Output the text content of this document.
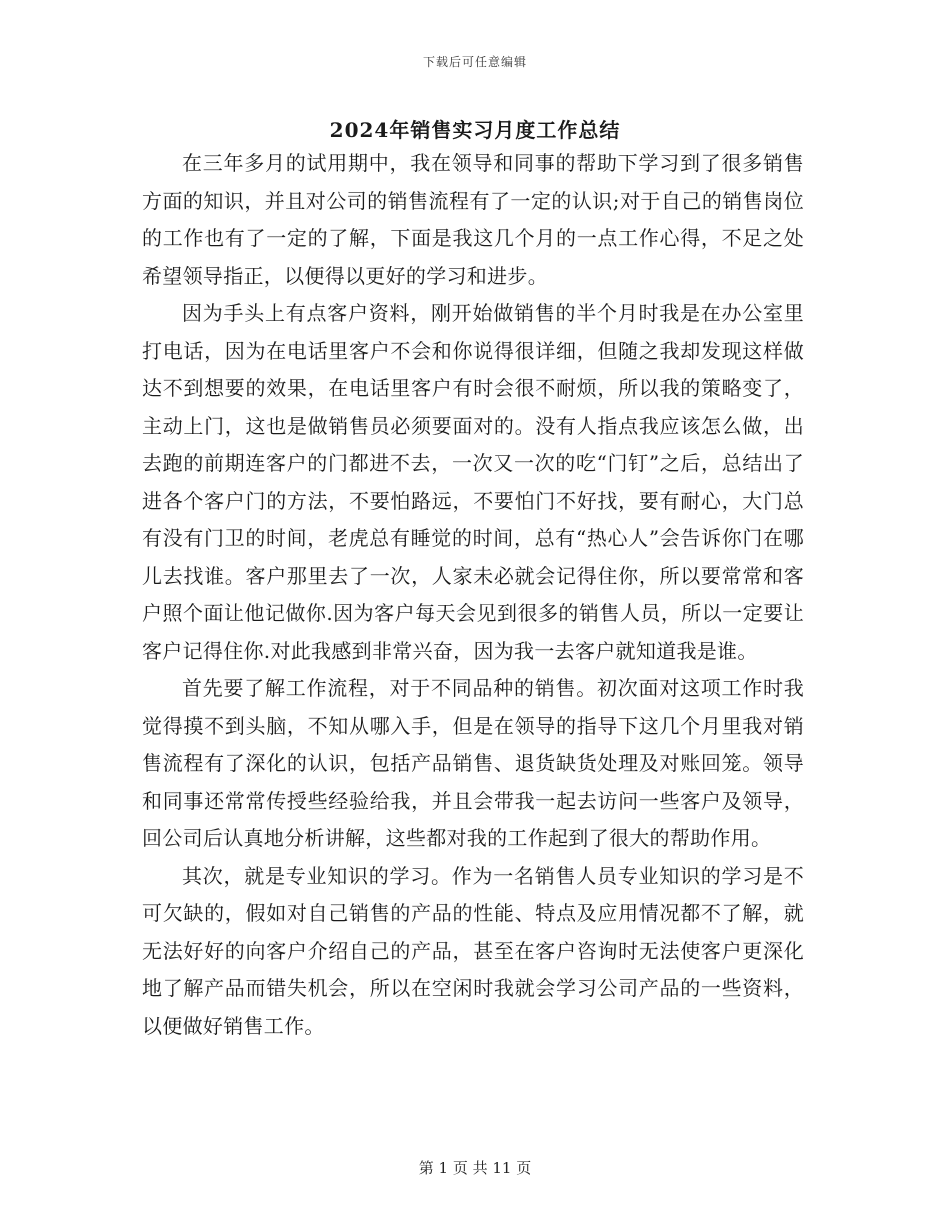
下载后可任意编辑
2024年销售实习月度工作总结

在三年多月的试用期中，我在领导和同事的帮助下学习到了很多销售方面的知识，并且对公司的销售流程有了一定的认识;对于自己的销售岗位的工作也有了一定的了解，下面是我这几个月的一点工作心得，不足之处希望领导指正，以便得以更好的学习和进步。

因为手头上有点客户资料，刚开始做销售的半个月时我是在办公室里打电话，因为在电话里客户不会和你说得很详细，但随之我却发现这样做达不到想要的效果，在电话里客户有时会很不耐烦，所以我的策略变了，主动上门，这也是做销售员必须要面对的。没有人指点我应该怎么做，出去跑的前期连客户的门都进不去，一次又一次的吃“门钉”之后，总结出了进各个客户门的方法，不要怕路远，不要怕门不好找，要有耐心，大门总有没有门卫的时间，老虎总有睡觉的时间，总有“热心人”会告诉你门在哪儿去找谁。客户那里去了一次，人家未必就会记得住你，所以要常常和客户照个面让他记做你.因为客户每天会见到很多的销售人员，所以一定要让客户记得住你.对此我感到非常兴奋，因为我一去客户就知道我是谁。

首先要了解工作流程，对于不同品种的销售。初次面对这项工作时我觉得摸不到头脑，不知从哪入手，但是在领导的指导下这几个月里我对销售流程有了深化的认识，包括产品销售、退货缺货处理及对账回笼。领导和同事还常常传授些经验给我，并且会带我一起去访问一些客户及领导，回公司后认真地分析讲解，这些都对我的工作起到了很大的帮助作用。

其次，就是专业知识的学习。作为一名销售人员专业知识的学习是不可欠缺的，假如对自己销售的产品的性能、特点及应用情况都不了解，就无法好好的向客户介绍自己的产品，甚至在客户咨询时无法使客户更深化地了解产品而错失机会，所以在空闲时我就会学习公司产品的一些资料，以便做好销售工作。

第 1 页 共 11 页
